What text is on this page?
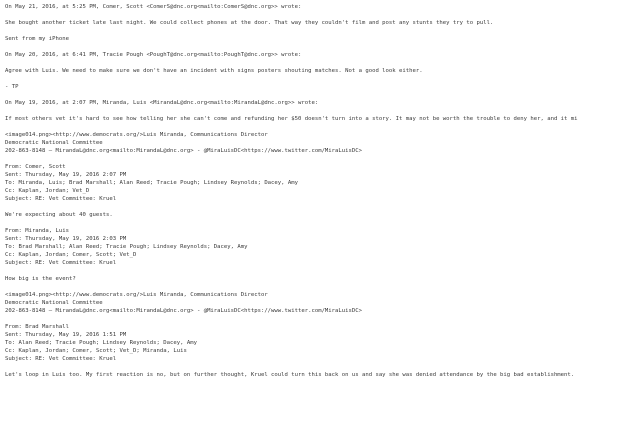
On May 21, 2016, at 5:25 PM, Comer, Scott <ComerS@dnc.org<mailto:ComerS@dnc.org>> wrote:
She bought another ticket late last night. We could collect phones at the door. That way they couldn't film and post any stunts they try to pull.
Sent from my iPhone
On May 20, 2016, at 6:41 PM, Tracie Pough <PoughT@dnc.org<mailto:PoughT@dnc.org>> wrote:
Agree with Luis. We need to make sure we don't have an incident with signs posters shouting matches. Not a good look either.
- TP
On May 19, 2016, at 2:07 PM, Miranda, Luis <MirandaL@dnc.org<mailto:MirandaL@dnc.org>> wrote:
If most others vet it's hard to see how telling her she can't come and refunding her $50 doesn't turn into a story. It may not be worth the trouble to deny her, and it mi
<image014.png><http://www.democrats.org/>Luis Miranda, Communications Director
Democratic National Committee
202-863-8148 – MirandaL@dnc.org<mailto:MirandaL@dnc.org> - @MiraLuisDC<https://www.twitter.com/MiraLuisDC>
From: Comer, Scott
Sent: Thursday, May 19, 2016 2:07 PM
To: Miranda, Luis; Brad Marshall; Alan Reed; Tracie Pough; Lindsey Reynolds; Dacey, Amy
Cc: Kaplan, Jordan; Vet_D
Subject: RE: Vet Committee: Kruel
We're expecting about 40 guests.
From: Miranda, Luis
Sent: Thursday, May 19, 2016 2:03 PM
To: Brad Marshall; Alan Reed; Tracie Pough; Lindsey Reynolds; Dacey, Amy
Cc: Kaplan, Jordan; Comer, Scott; Vet_D
Subject: RE: Vet Committee: Kruel
How big is the event?
<image014.png><http://www.democrats.org/>Luis Miranda, Communications Director
Democratic National Committee
202-863-8148 – MirandaL@dnc.org<mailto:MirandaL@dnc.org> - @MiraLuisDC<https://www.twitter.com/MiraLuisDC>
From: Brad Marshall
Sent: Thursday, May 19, 2016 1:51 PM
To: Alan Reed; Tracie Pough; Lindsey Reynolds; Dacey, Amy
Cc: Kaplan, Jordan; Comer, Scott; Vet_D; Miranda, Luis
Subject: RE: Vet Committee: Kruel
Let's loop in Luis too. My first reaction is no, but on further thought, Kruel could turn this back on us and say she was denied attendance by the big bad establishment.
